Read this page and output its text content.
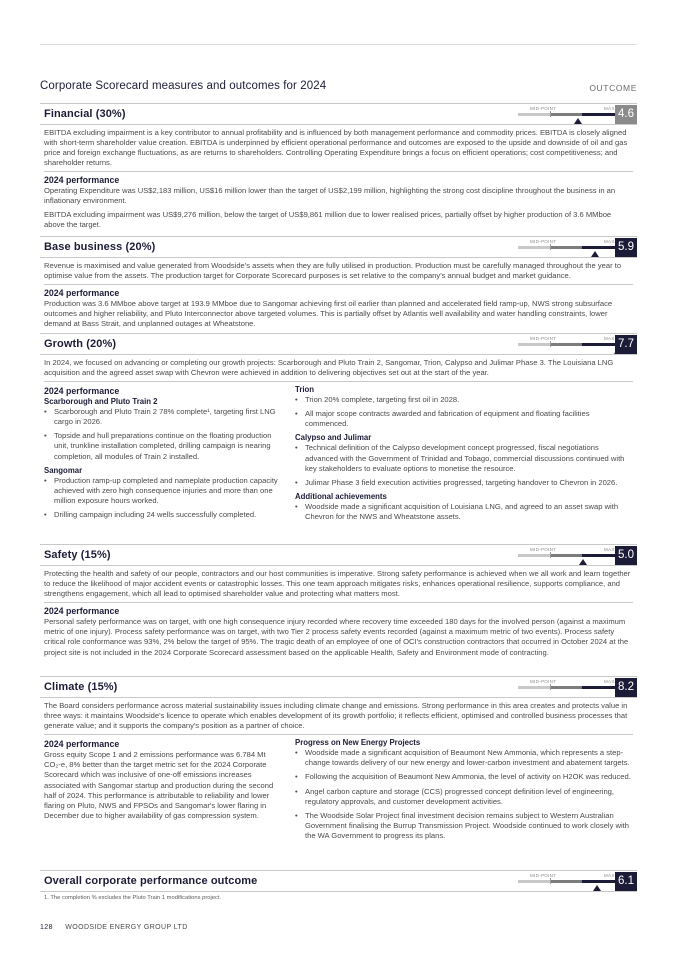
Corporate Scorecard measures and outcomes for 2024	OUTCOME
Financial (30%)	MID-POINT	MAX 4.6

EBITDA excluding impairment is a key contributor to annual profitability and is influenced by both management performance and commodity prices. EBITDA is closely aligned with short-term shareholder value creation. EBITDA is underpinned by efficient operational performance and outcomes are exposed to the upside and downside of oil and gas price and foreign exchange fluctuations, as are returns to shareholders. Controlling Operating Expenditure brings a focus on efficient operations; cost competitiveness; and shareholder returns.

2024 performance

Operating Expenditure was US$2,183 million, US$16 million lower than the target of US$2,199 million, highlighting the strong cost discipline throughout the business in an inflationary environment.

EBITDA excluding impairment was US$9,276 million, below the target of US$9,861 million due to lower realised prices, partially offset by higher production of 3.6 MMboe above the target.

Base business (20%)	MID-POINT	MAX 5.9

Revenue is maximised and value generated from Woodside's assets when they are fully utilised in production. Production must be carefully managed throughout the year to optimise value from the assets. The production target for Corporate Scorecard purposes is set relative to the company's annual budget and market guidance.

2024 performance

Production was 3.6 MMboe above target at 193.9 MMboe due to Sangomar achieving first oil earlier than planned and accelerated field ramp-up, NWS strong subsurface outcomes and higher reliability, and Pluto Interconnector above targeted volumes. This is partially offset by Atlantis well availability and water handling constraints, lower demand at Bass Strait, and unplanned outages at Wheatstone.

Growth (20%)	MID-POINT	MAX 7.7

In 2024, we focused on advancing or completing our growth projects: Scarborough and Pluto Train 2, Sangomar, Trion, Calypso and Julimar Phase 3. The Louisiana LNG acquisition and the agreed asset swap with Chevron were achieved in addition to delivering objectives set out at the start of the year.

2024 performance
Scarborough and Pluto Train 2
• Scarborough and Pluto Train 2 78% complete¹, targeting first LNG cargo in 2026.
• Topside and hull preparations continue on the floating production unit, trunkline installation completed, drilling campaign is nearing completion, all modules of Train 2 installed.
Sangomar
• Production ramp-up completed and nameplate production capacity achieved with zero high consequence injuries and more than one million exposure hours worked.
• Drilling campaign including 24 wells successfully completed.
Trion
• Trion 20% complete, targeting first oil in 2028.
• All major scope contracts awarded and fabrication of equipment and floating facilities commenced.
Calypso and Julimar
• Technical definition of the Calypso development concept progressed, fiscal negotiations advanced with the Government of Trinidad and Tobago, commercial discussions continued with key stakeholders to evaluate options to monetise the resource.
• Julimar Phase 3 field execution activities progressed, targeting handover to Chevron in 2026.
Additional achievements
• Woodside made a significant acquisition of Louisiana LNG, and agreed to an asset swap with Chevron for the NWS and Wheatstone assets.
Safety (15%)	MID-POINT	MAX 5.0

Protecting the health and safety of our people, contractors and our host communities is imperative. Strong safety performance is achieved when we all work and learn together to reduce the likelihood of major accident events or catastrophic losses. This one team approach mitigates risks, enhances operational resilience, supports compliance, and strengthens engagement, which all lead to optimised shareholder value and protecting what matters most.

2024 performance

Personal safety performance was on target, with one high consequence injury recorded where recovery time exceeded 180 days for the involved person (against a maximum metric of one injury). Process safety performance was on target, with two Tier 2 process safety events recorded (against a maximum metric of two events). Process safety critical role conformance was 93%, 2% below the target of 95%. The tragic death of an employee of one of OCI's construction contractors that occurred in October 2024 at the project site is not included in the 2024 Corporate Scorecard assessment based on the applicable Health, Safety and Environment mode of contracting.

Climate (15%)	MID-POINT	MAX 8.2

The Board considers performance across material sustainability issues including climate change and emissions. Strong performance in this area creates and protects value in three ways: it maintains Woodside's licence to operate which enables development of its growth portfolio; it reflects efficient, optimised and controlled business processes that generate value; and it supports the company's position as a partner of choice.

2024 performance

Gross equity Scope 1 and 2 emissions performance was 6.784 Mt CO₂-e, 8% better than the target metric set for the 2024 Corporate Scorecard which was inclusive of one-off emissions increases associated with Sangomar startup and production during the second half of 2024. This performance is attributable to reliability and lower flaring on Pluto, NWS and FPSOs and Sangomar's lower flaring in December due to higher availability of gas compression system.

Progress on New Energy Projects
• Woodside made a significant acquisition of Beaumont New Ammonia, which represents a step-change towards delivery of our new energy and lower-carbon investment and abatement targets.
• Following the acquisition of Beaumont New Ammonia, the level of activity on H2OK was reduced.
• Angel carbon capture and storage (CCS) progressed concept definition level of engineering, regulatory approvals, and customer development activities.
• The Woodside Solar Project final investment decision remains subject to Western Australian Government finalising the Burrup Transmission Project. Woodside continued to work closely with the WA Government to progress its plans.
Overall corporate performance outcome	MID-POINT	MAX 6.1
1. The completion % excludes the Pluto Train 1 modifications project.
128 WOODSIDE ENERGY GROUP LTD
